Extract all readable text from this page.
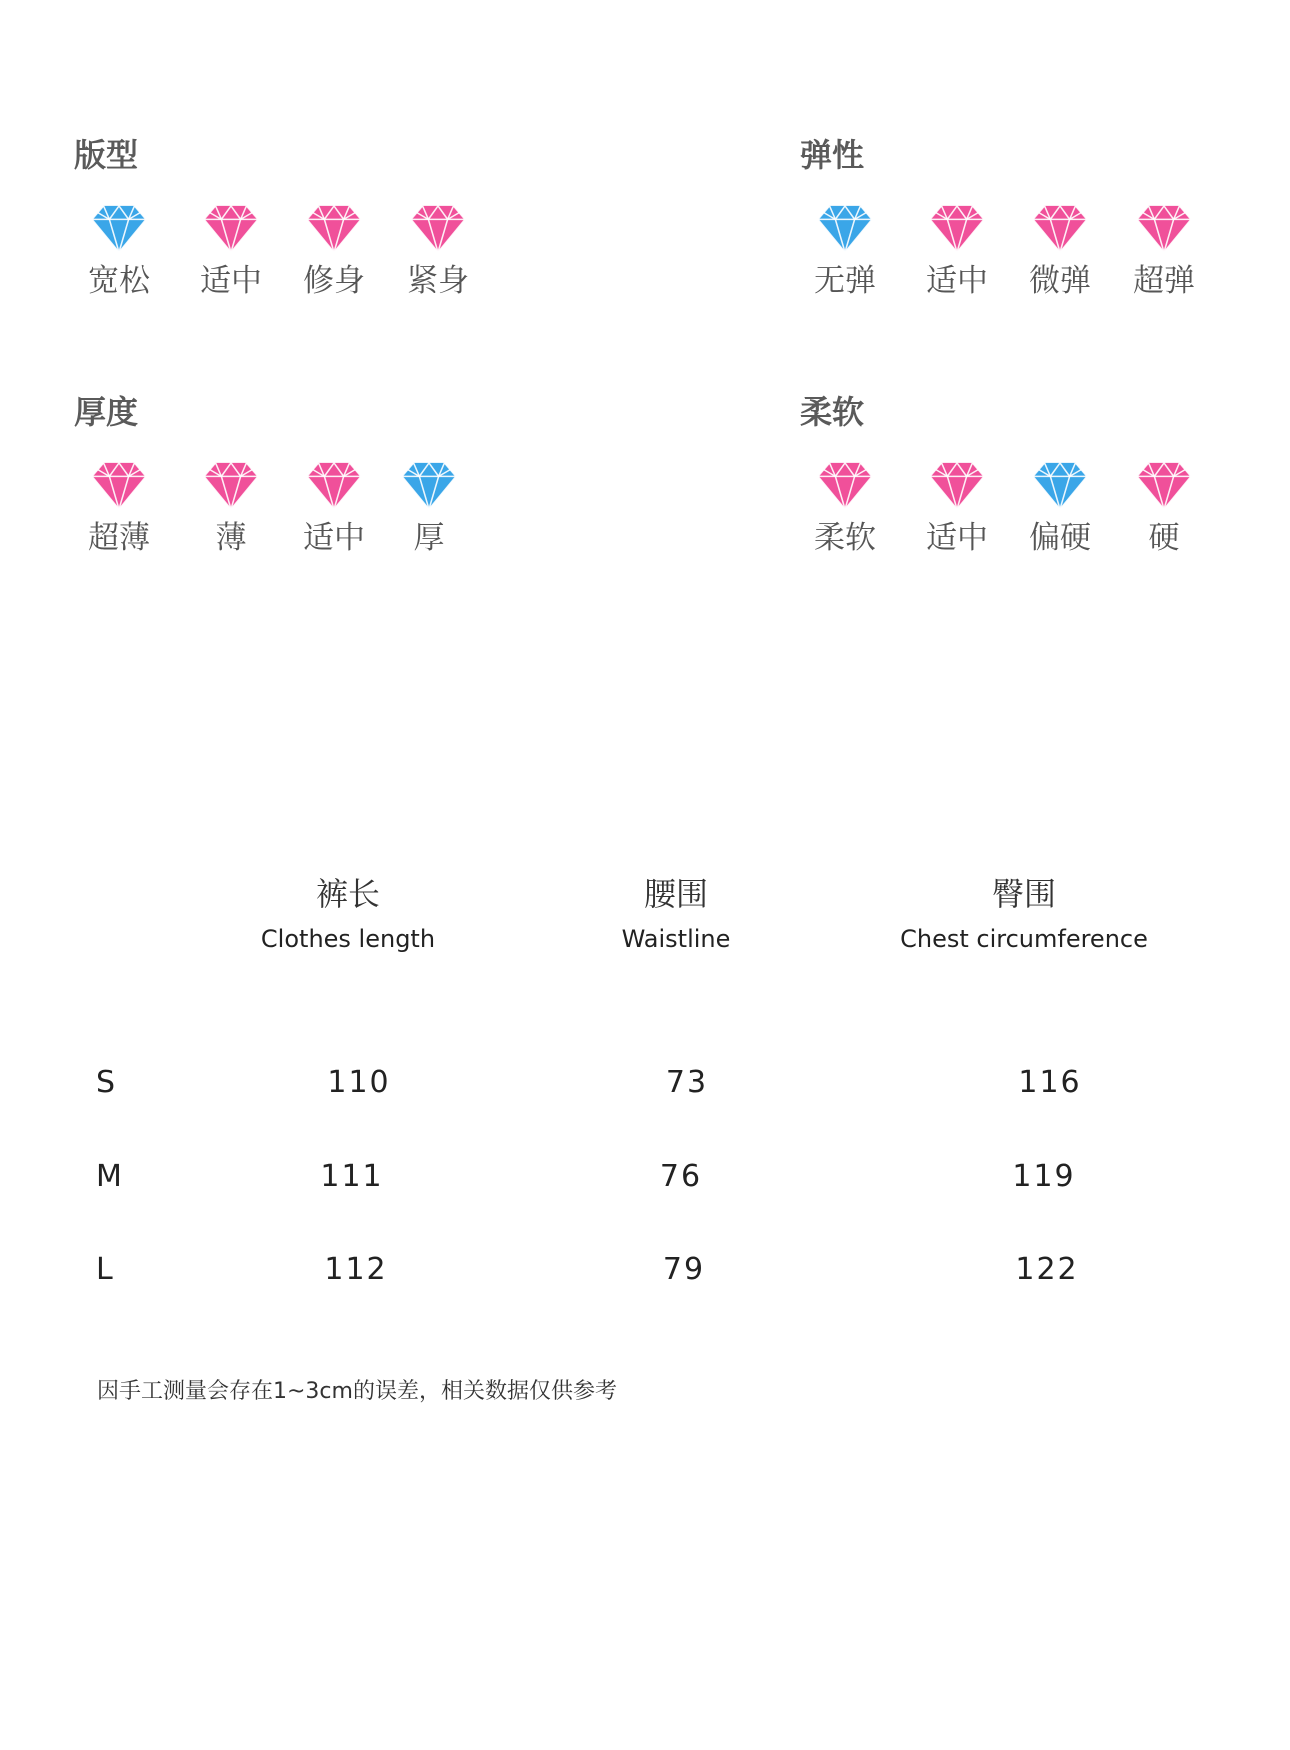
版型
宽松	适中	修身	紧身
弹性
无弹	适中	微弹	超弹
厚度
超薄	薄	适中	厚
柔软
柔软	适中	偏硬	硬
裤长
Clothes length
腰围
Waistline
臀围
Chest circumference
S	110	73	116
M	111	76	119
L	112	79	122
因手工测量会存在1~3cm的误差，相关数据仅供参考
